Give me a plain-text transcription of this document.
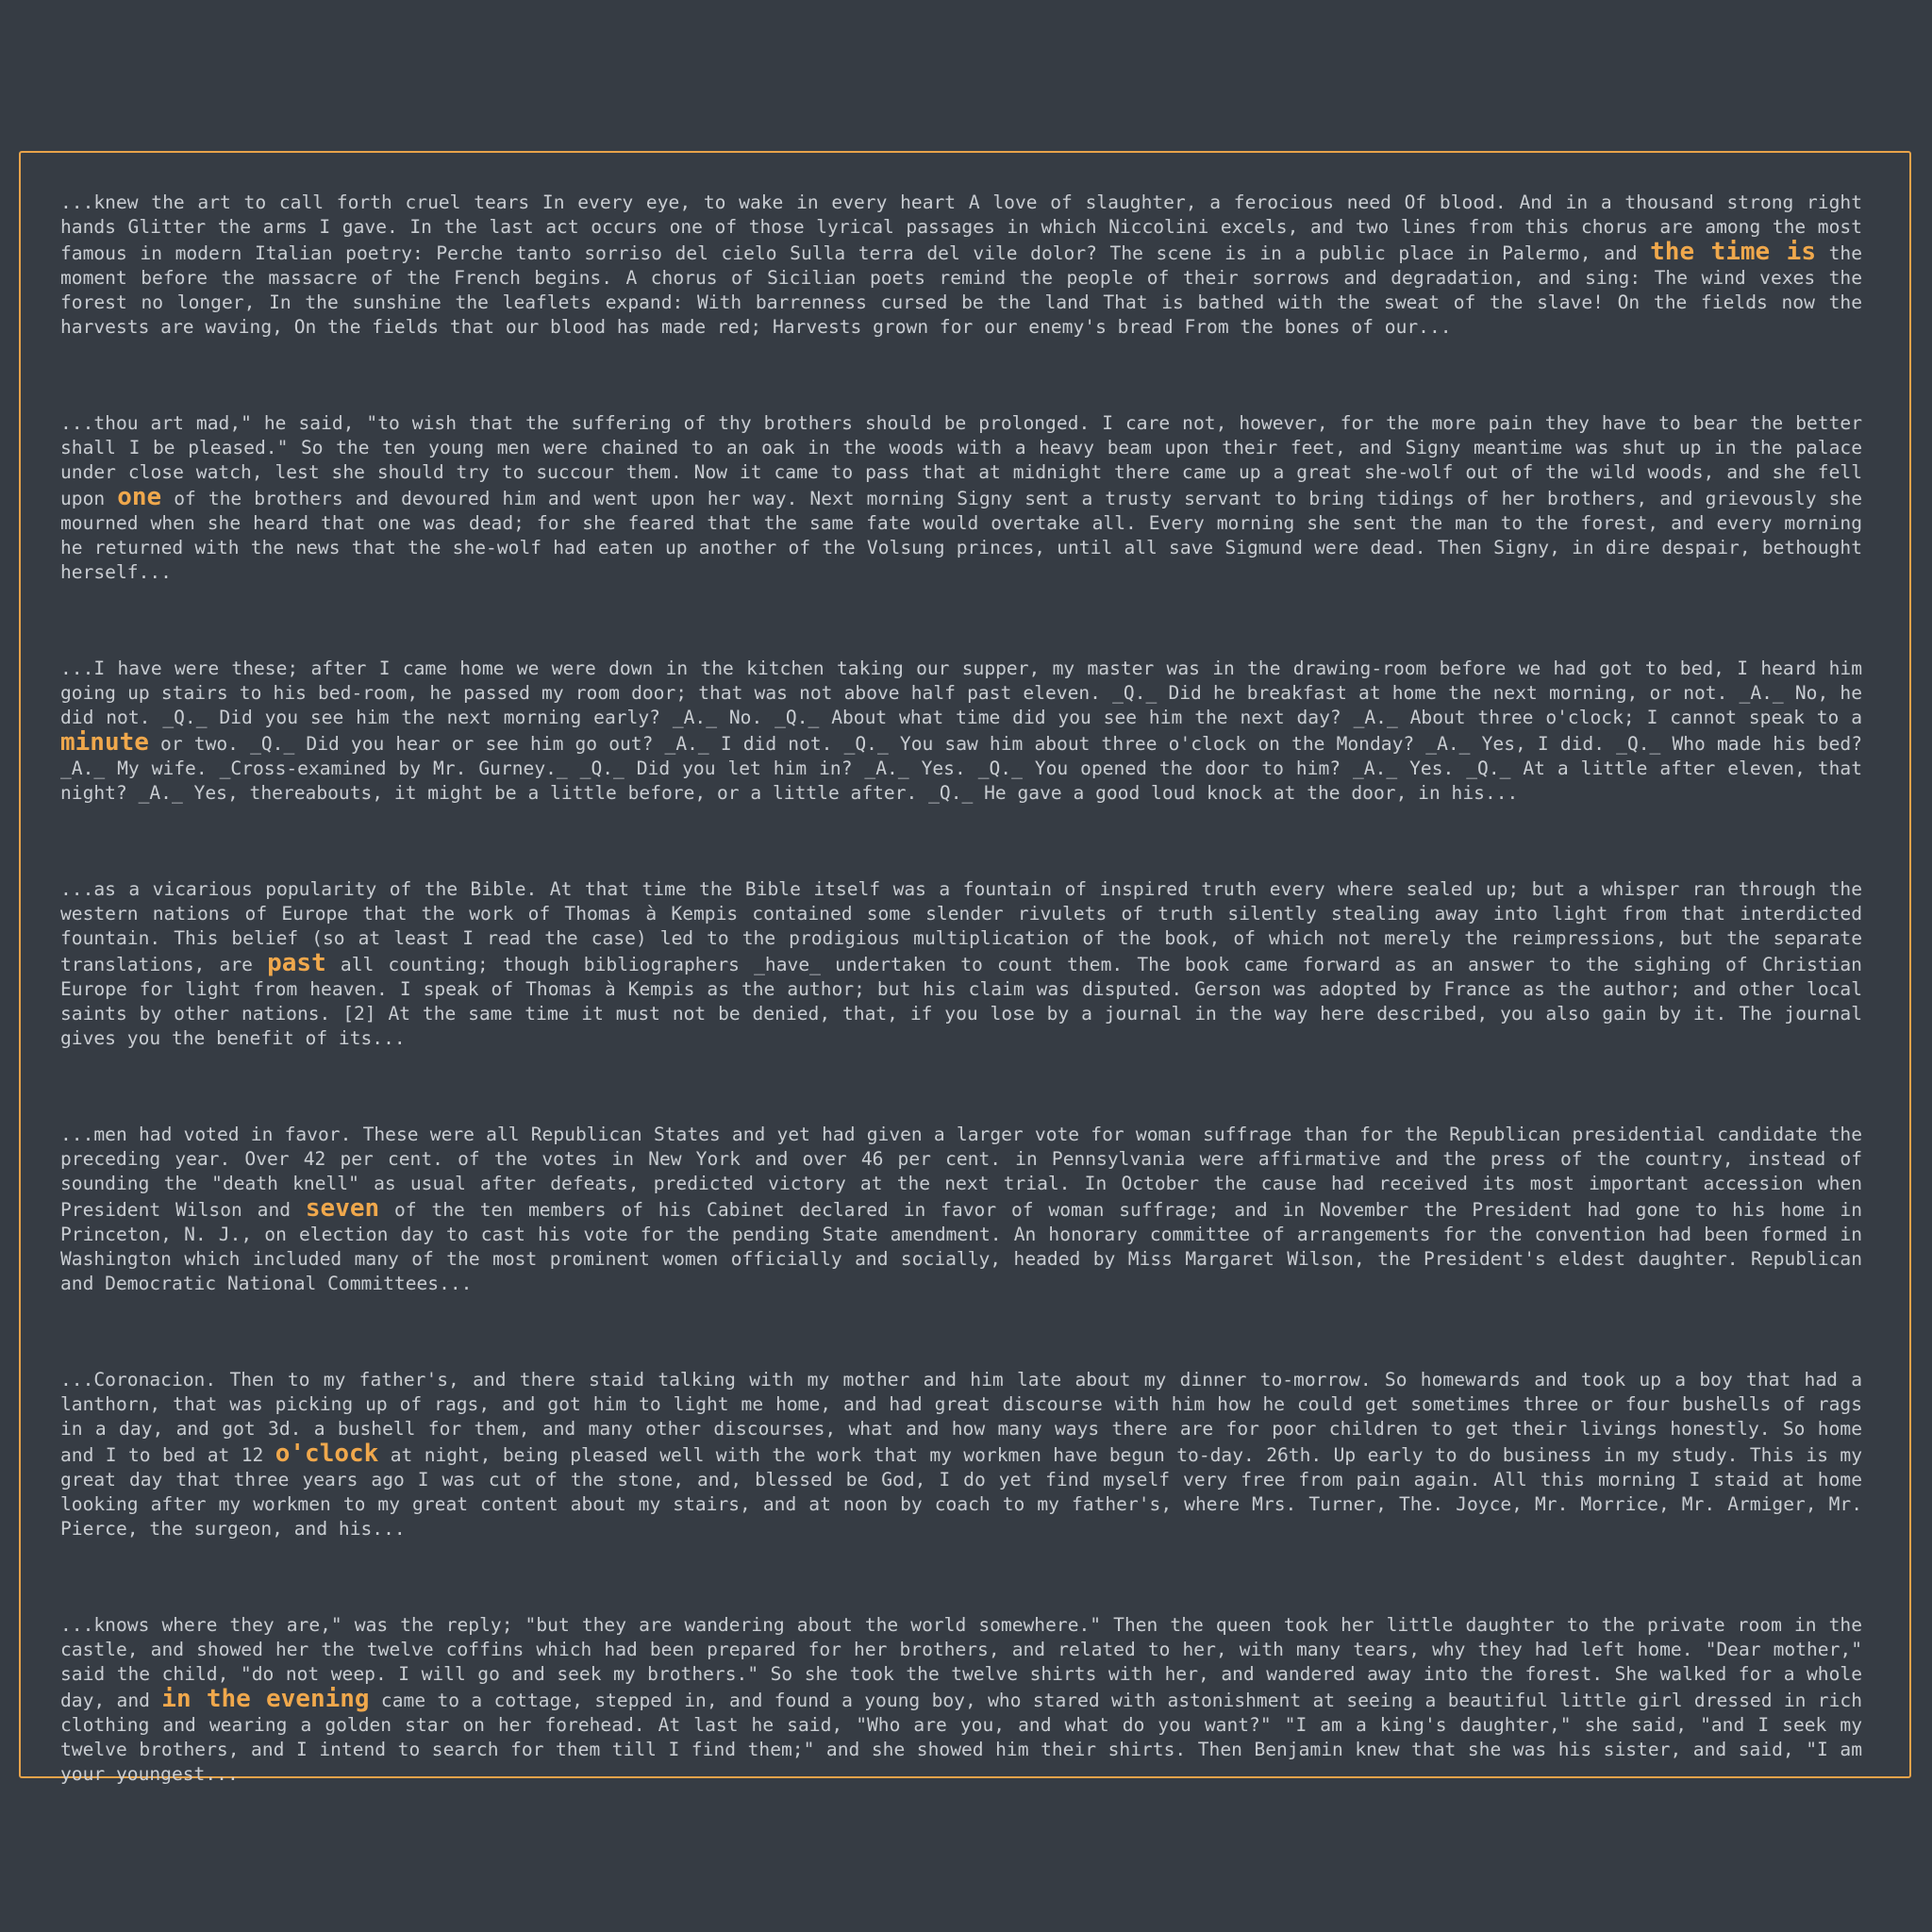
...knew the art to call forth cruel tears In every eye, to wake in every heart A love of slaughter, a ferocious need Of blood. And in a thousand strong right hands Glitter the arms I gave. In the last act occurs one of those lyrical passages in which Niccolini excels, and two lines from this chorus are among the most famous in modern Italian poetry: Perche tanto sorriso del cielo Sulla terra del vile dolor? The scene is in a public place in Palermo, and the time is the moment before the massacre of the French begins. A chorus of Sicilian poets remind the people of their sorrows and degradation, and sing: The wind vexes the forest no longer, In the sunshine the leaflets expand: With barrenness cursed be the land That is bathed with the sweat of the slave! On the fields now the harvests are waving, On the fields that our blood has made red; Harvests grown for our enemy's bread From the bones of our...

...thou art mad," he said, "to wish that the suffering of thy brothers should be prolonged. I care not, however, for the more pain they have to bear the better shall I be pleased." So the ten young men were chained to an oak in the woods with a heavy beam upon their feet, and Signy meantime was shut up in the palace under close watch, lest she should try to succour them. Now it came to pass that at midnight there came up a great she-wolf out of the wild woods, and she fell upon one of the brothers and devoured him and went upon her way. Next morning Signy sent a trusty servant to bring tidings of her brothers, and grievously she mourned when she heard that one was dead; for she feared that the same fate would overtake all. Every morning she sent the man to the forest, and every morning he returned with the news that the she-wolf had eaten up another of the Volsung princes, until all save Sigmund were dead. Then Signy, in dire despair, bethought herself...

...I have were these; after I came home we were down in the kitchen taking our supper, my master was in the drawing-room before we had got to bed, I heard him going up stairs to his bed-room, he passed my room door; that was not above half past eleven. _Q._ Did he breakfast at home the next morning, or not. _A._ No, he did not. _Q._ Did you see him the next morning early? _A._ No. _Q._ About what time did you see him the next day? _A._ About three o'clock; I cannot speak to a minute or two. _Q._ Did you hear or see him go out? _A._ I did not. _Q._ You saw him about three o'clock on the Monday? _A._ Yes, I did. _Q._ Who made his bed? _A._ My wife. _Cross-examined by Mr. Gurney._ _Q._ Did you let him in? _A._ Yes. _Q._ You opened the door to him? _A._ Yes. _Q._ At a little after eleven, that night? _A._ Yes, thereabouts, it might be a little before, or a little after. _Q._ He gave a good loud knock at the door, in his...

...as a vicarious popularity of the Bible. At that time the Bible itself was a fountain of inspired truth every where sealed up; but a whisper ran through the western nations of Europe that the work of Thomas à Kempis contained some slender rivulets of truth silently stealing away into light from that interdicted fountain. This belief (so at least I read the case) led to the prodigious multiplication of the book, of which not merely the reimpressions, but the separate translations, are past all counting; though bibliographers _have_ undertaken to count them. The book came forward as an answer to the sighing of Christian Europe for light from heaven. I speak of Thomas à Kempis as the author; but his claim was disputed. Gerson was adopted by France as the author; and other local saints by other nations. [2] At the same time it must not be denied, that, if you lose by a journal in the way here described, you also gain by it. The journal gives you the benefit of its...

...men had voted in favor. These were all Republican States and yet had given a larger vote for woman suffrage than for the Republican presidential candidate the preceding year. Over 42 per cent. of the votes in New York and over 46 per cent. in Pennsylvania were affirmative and the press of the country, instead of sounding the "death knell" as usual after defeats, predicted victory at the next trial. In October the cause had received its most important accession when President Wilson and seven of the ten members of his Cabinet declared in favor of woman suffrage; and in November the President had gone to his home in Princeton, N. J., on election day to cast his vote for the pending State amendment. An honorary committee of arrangements for the convention had been formed in Washington which included many of the most prominent women officially and socially, headed by Miss Margaret Wilson, the President's eldest daughter. Republican and Democratic National Committees...

...Coronacion. Then to my father's, and there staid talking with my mother and him late about my dinner to-morrow. So homewards and took up a boy that had a lanthorn, that was picking up of rags, and got him to light me home, and had great discourse with him how he could get sometimes three or four bushells of rags in a day, and got 3d. a bushell for them, and many other discourses, what and how many ways there are for poor children to get their livings honestly. So home and I to bed at 12 o'clock at night, being pleased well with the work that my workmen have begun to-day. 26th. Up early to do business in my study. This is my great day that three years ago I was cut of the stone, and, blessed be God, I do yet find myself very free from pain again. All this morning I staid at home looking after my workmen to my great content about my stairs, and at noon by coach to my father's, where Mrs. Turner, The. Joyce, Mr. Morrice, Mr. Armiger, Mr. Pierce, the surgeon, and his...

...knows where they are," was the reply; "but they are wandering about the world somewhere." Then the queen took her little daughter to the private room in the castle, and showed her the twelve coffins which had been prepared for her brothers, and related to her, with many tears, why they had left home. "Dear mother," said the child, "do not weep. I will go and seek my brothers." So she took the twelve shirts with her, and wandered away into the forest. She walked for a whole day, and in the evening came to a cottage, stepped in, and found a young boy, who stared with astonishment at seeing a beautiful little girl dressed in rich clothing and wearing a golden star on her forehead. At last he said, "Who are you, and what do you want?" "I am a king's daughter," she said, "and I seek my twelve brothers, and I intend to search for them till I find them;" and she showed him their shirts. Then Benjamin knew that she was his sister, and said, "I am your youngest...
